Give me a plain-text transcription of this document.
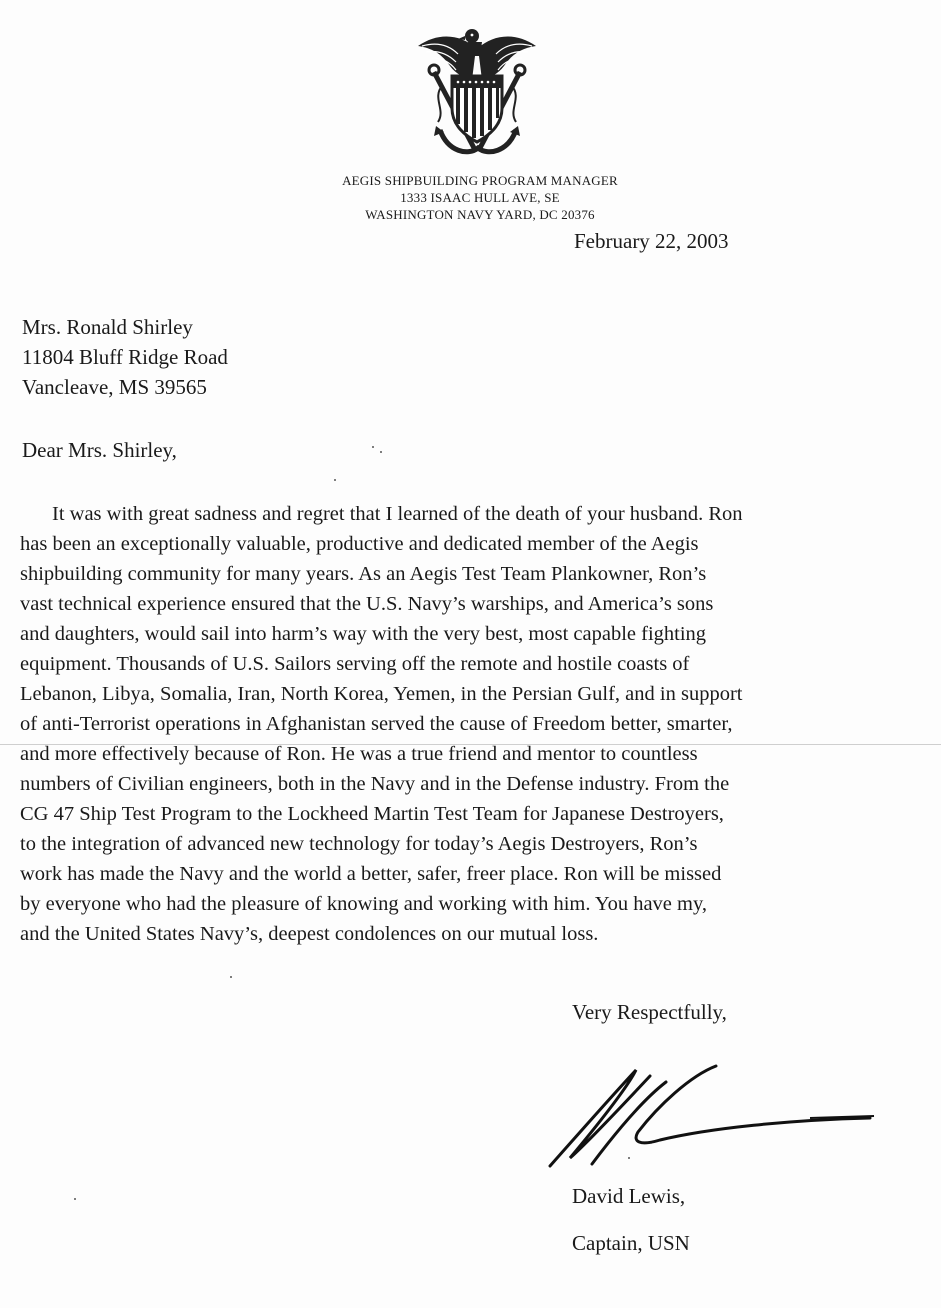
AEGIS SHIPBUILDING PROGRAM MANAGER
1333 ISAAC HULL AVE, SE
WASHINGTON NAVY YARD, DC 20376
February 22, 2003
Mrs. Ronald Shirley
11804 Bluff Ridge Road
Vancleave, MS 39565
Dear Mrs. Shirley,
It was with great sadness and regret that I learned of the death of your husband. Ron
has been an exceptionally valuable, productive and dedicated member of the Aegis
shipbuilding community for many years. As an Aegis Test Team Plankowner, Ron’s
vast technical experience ensured that the U.S. Navy’s warships, and America’s sons
and daughters, would sail into harm’s way with the very best, most capable fighting
equipment. Thousands of U.S. Sailors serving off the remote and hostile coasts of
Lebanon, Libya, Somalia, Iran, North Korea, Yemen, in the Persian Gulf, and in support
of anti-Terrorist operations in Afghanistan served the cause of Freedom better, smarter,
and more effectively because of Ron. He was a true friend and mentor to countless
numbers of Civilian engineers, both in the Navy and in the Defense industry. From the
CG 47 Ship Test Program to the Lockheed Martin Test Team for Japanese Destroyers,
to the integration of advanced new technology for today’s Aegis Destroyers, Ron’s
work has made the Navy and the world a better, safer, freer place. Ron will be missed
by everyone who had the pleasure of knowing and working with him. You have my,
and the United States Navy’s, deepest condolences on our mutual loss.
Very Respectfully,
David Lewis,
Captain, USN
